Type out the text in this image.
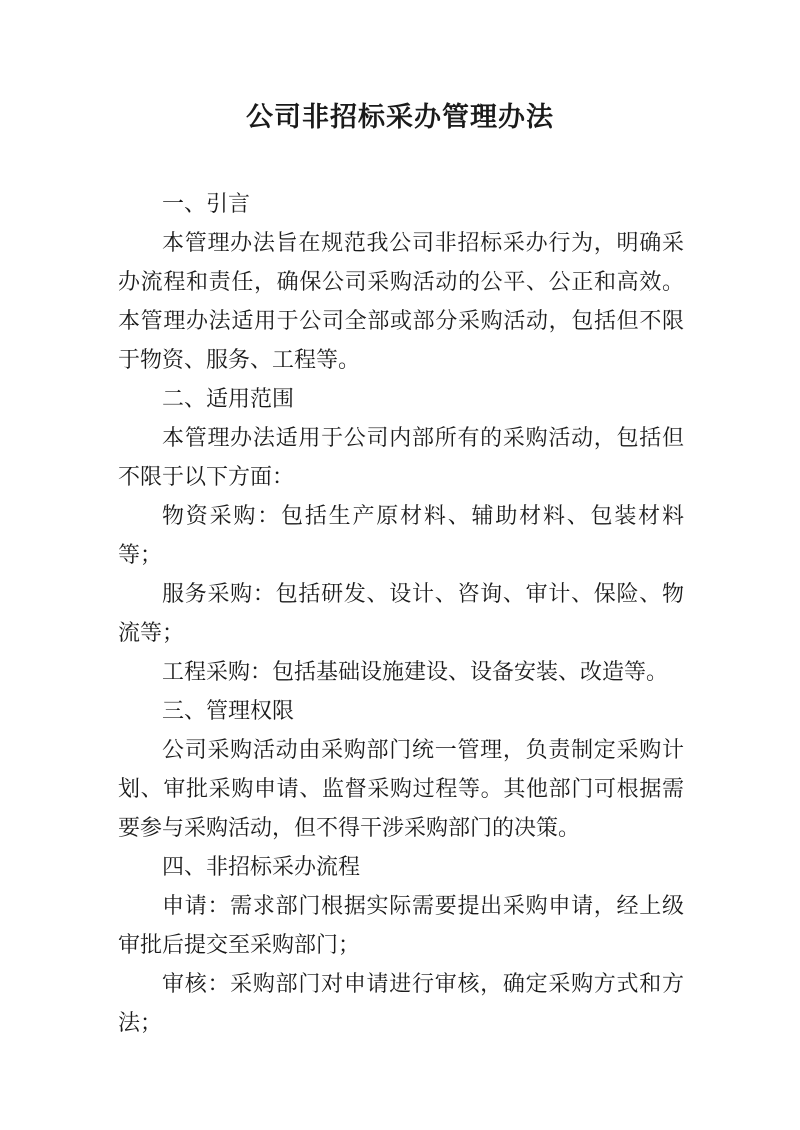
公司非招标采办管理办法

一、引言

本管理办法旨在规范我公司非招标采办行为，明确采办流程和责任，确保公司采购活动的公平、公正和高效。本管理办法适用于公司全部或部分采购活动，包括但不限于物资、服务、工程等。

二、适用范围

本管理办法适用于公司内部所有的采购活动，包括但不限于以下方面：

物资采购：包括生产原材料、辅助材料、包装材料等；

服务采购：包括研发、设计、咨询、审计、保险、物流等；

工程采购：包括基础设施建设、设备安装、改造等。

三、管理权限

公司采购活动由采购部门统一管理，负责制定采购计划、审批采购申请、监督采购过程等。其他部门可根据需要参与采购活动，但不得干涉采购部门的决策。

四、非招标采办流程

申请：需求部门根据实际需要提出采购申请，经上级审批后提交至采购部门；

审核：采购部门对申请进行审核，确定采购方式和方法；
